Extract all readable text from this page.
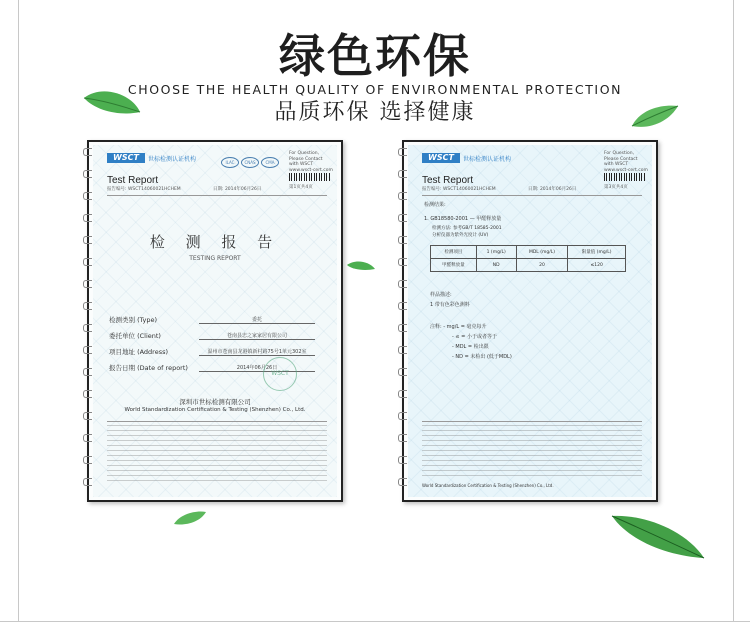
绿色环保
CHOOSE THE HEALTH QUALITY OF ENVIRONMENTAL PROTECTION
品质环保 选择健康
WSCT	世标检测认证机构	ILAC	CNAS	CMA
For Question, Please Contact with WSCT www.wsct-cert.com
Test Report
报告编号: WSCT14060021HCHEM	日期: 2014年06月26日	第1页共4页
检 测 报 告
TESTING REPORT
检测类别 (Type)	委托
委托单位 (Client)	苍南县忠之家家居有限公司
项目地址 (Address)	温州市苍南县龙港镇新村路75号1单元302室
报告日期 (Date of report)	2014年06月26日
WSCT
深圳市世标检测有限公司
World Standardization Certification & Testing (Shenzhen) Co., Ltd.
WSCT	世标检测认证机构
For Question, Please Contact with WSCT www.wsct-cert.com
Test Report
报告编号: WSCT14060021HCHEM	日期: 2014年06月26日	第3页共4页
检测结果:
1. GB18580-2001 — 甲醛释放量
检测方法: 参考GB/T 18585-2001
分析仪器为紫外光度计 (UV)
检测项目	1 (mg/L)	MDL (mg/L)	限量值 (mg/L)
甲醛释放量	ND	20	≤120
样品描述:
1 带有色彩色测料
注释: - mg/L = 毫克每升
- ≤ = 小于或者等于
- MDL = 检出限
- ND = 未检出 (低于MDL)
World Standardization Certification & Testing (Shenzhen) Co., Ltd.
